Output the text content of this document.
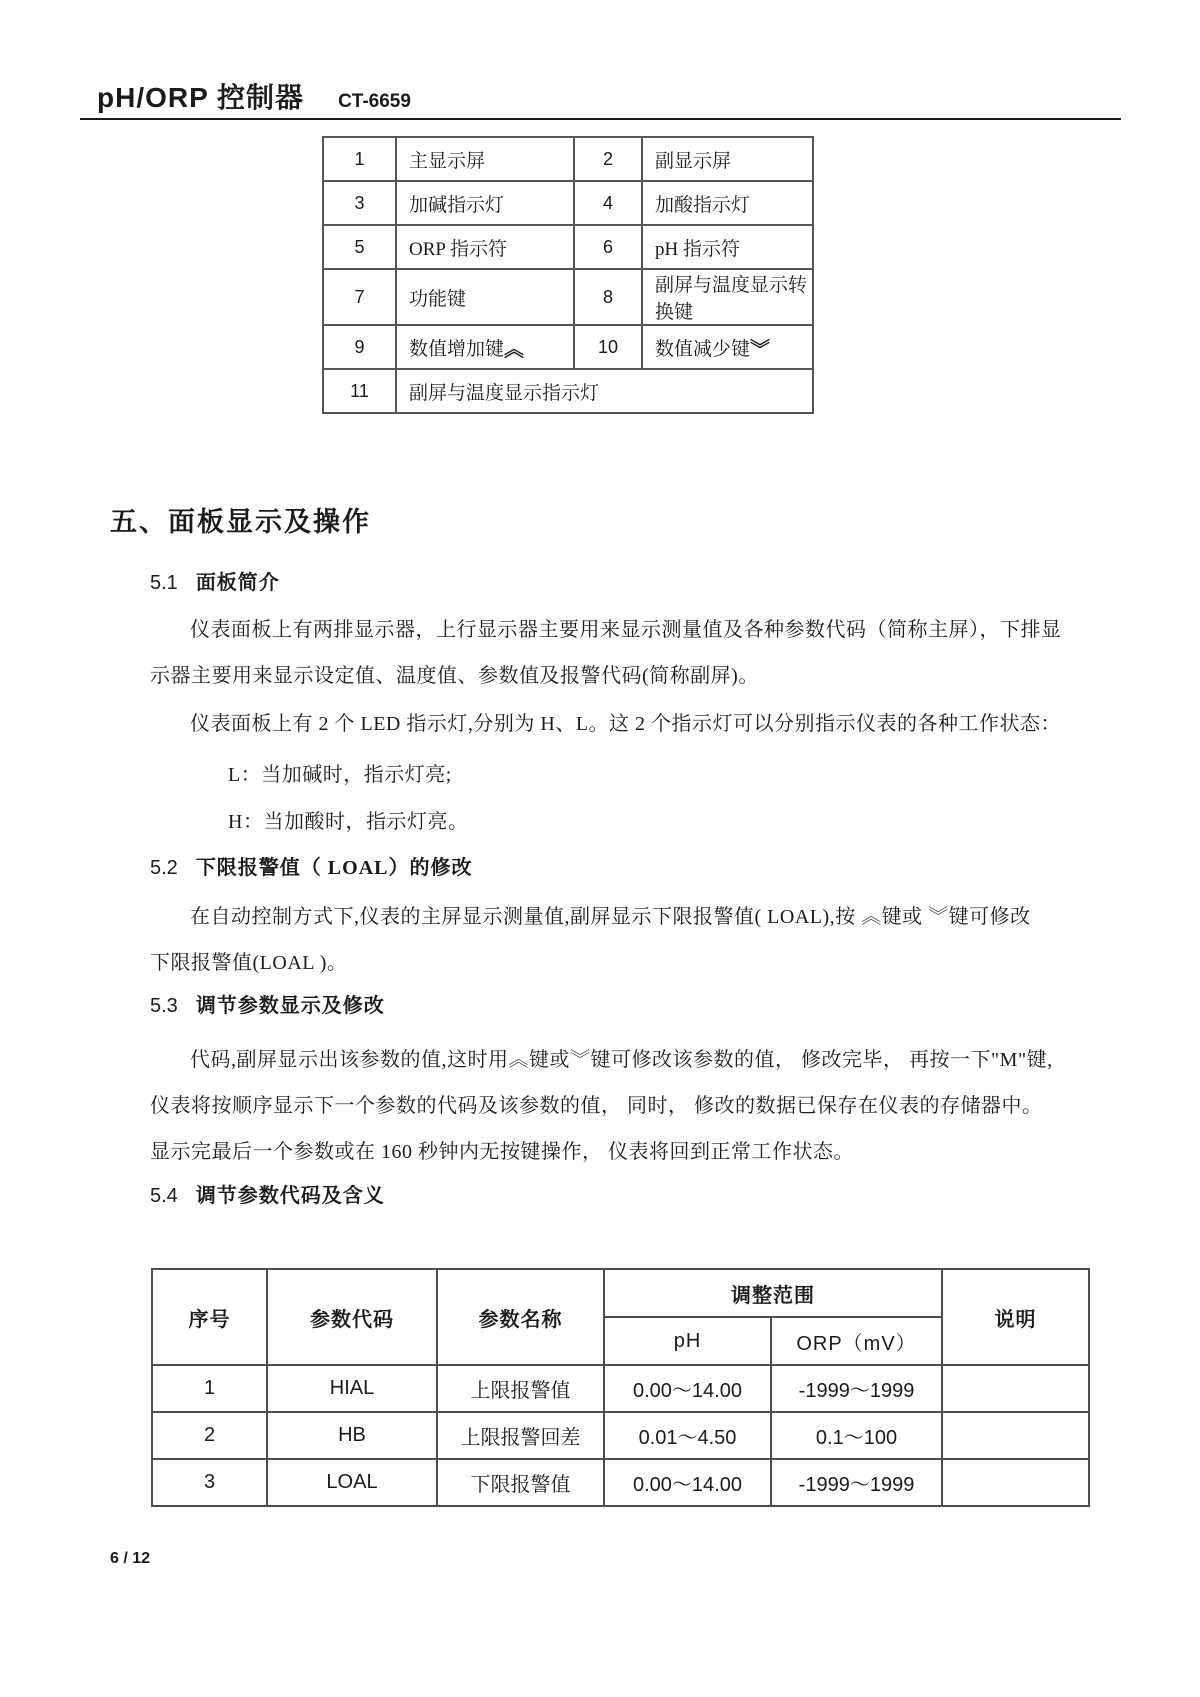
pH/ORP 控制器 CT-6659
1	主显示屏	2	副显示屏
3	加碱指示灯	4	加酸指示灯
5	ORP 指示符	6	pH 指示符
7	功能键	8	副屏与温度显示转换键
9	数值增加键︽	10	数值减少键︾
11	副屏与温度显示指示灯		
五、面板显示及操作
5.1 面板简介
仪表面板上有两排显示器，上行显示器主要用来显示测量值及各种参数代码（简称主屏），下排显
示器主要用来显示设定值、温度值、参数值及报警代码(简称副屏)。
仪表面板上有 2 个 LED 指示灯,分别为 H、L。这 2 个指示灯可以分别指示仪表的各种工作状态：
L：当加碱时，指示灯亮;
H：当加酸时，指示灯亮。
5.2 下限报警值（ LOAL）的修改
在自动控制方式下,仪表的主屏显示测量值,副屏显示下限报警值( LOAL),按 ︽键或 ︾键可修改
下限报警值(LOAL )。
5.3 调节参数显示及修改
代码,副屏显示出该参数的值,这时用︽键或︾键可修改该参数的值， 修改完毕， 再按一下"M"键,
仪表将按顺序显示下一个参数的代码及该参数的值， 同时， 修改的数据已保存在仪表的存储器中。
显示完最后一个参数或在 160 秒钟内无按键操作， 仪表将回到正常工作状态。
5.4 调节参数代码及含义
序号	参数代码	参数名称	调整范围		说明
			pH	ORP（mV）	
1	HIAL	上限报警值	0.00～14.00	-1999～1999	
2	HB	上限报警回差	0.01～4.50	0.1～100	
3	LOAL	下限报警值	0.00～14.00	-1999～1999	
6 / 12
